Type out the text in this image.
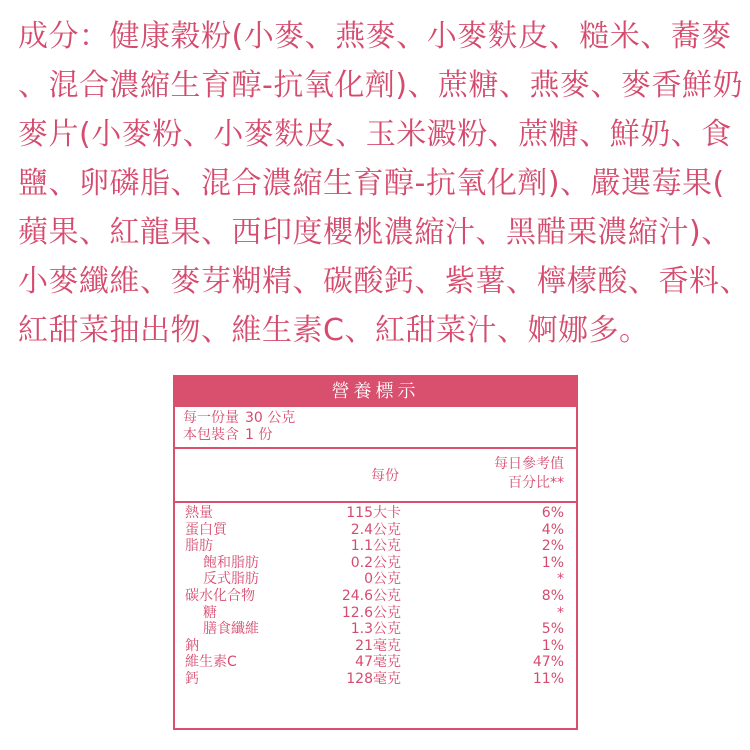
成分：健康穀粉(小麥、燕麥、小麥麩皮、糙米、蕎麥
、混合濃縮生育醇-抗氧化劑)、蔗糖、燕麥、麥香鮮奶
麥片(小麥粉、小麥麩皮、玉米澱粉、蔗糖、鮮奶、食
鹽、卵磷脂、混合濃縮生育醇-抗氧化劑)、嚴選莓果(
蘋果、紅龍果、西印度櫻桃濃縮汁、黑醋栗濃縮汁)、
小麥纖維、麥芽糊精、碳酸鈣、紫薯、檸檬酸、香料、
紅甜菜抽出物、維生素C、紅甜菜汁、婀娜多。
營養標示
每一份量 30 公克
本包裝含 1 份
每份
每日參考值
百分比**
熱量	115大卡	6%
蛋白質	2.4公克	4%
脂肪	1.1公克	2%
飽和脂肪	0.2公克	1%
反式脂肪	0公克	*
碳水化合物	24.6公克	8%
糖	12.6公克	*
膳食纖維	1.3公克	5%
鈉	21毫克	1%
維生素C	47毫克	47%
鈣	128毫克	11%
